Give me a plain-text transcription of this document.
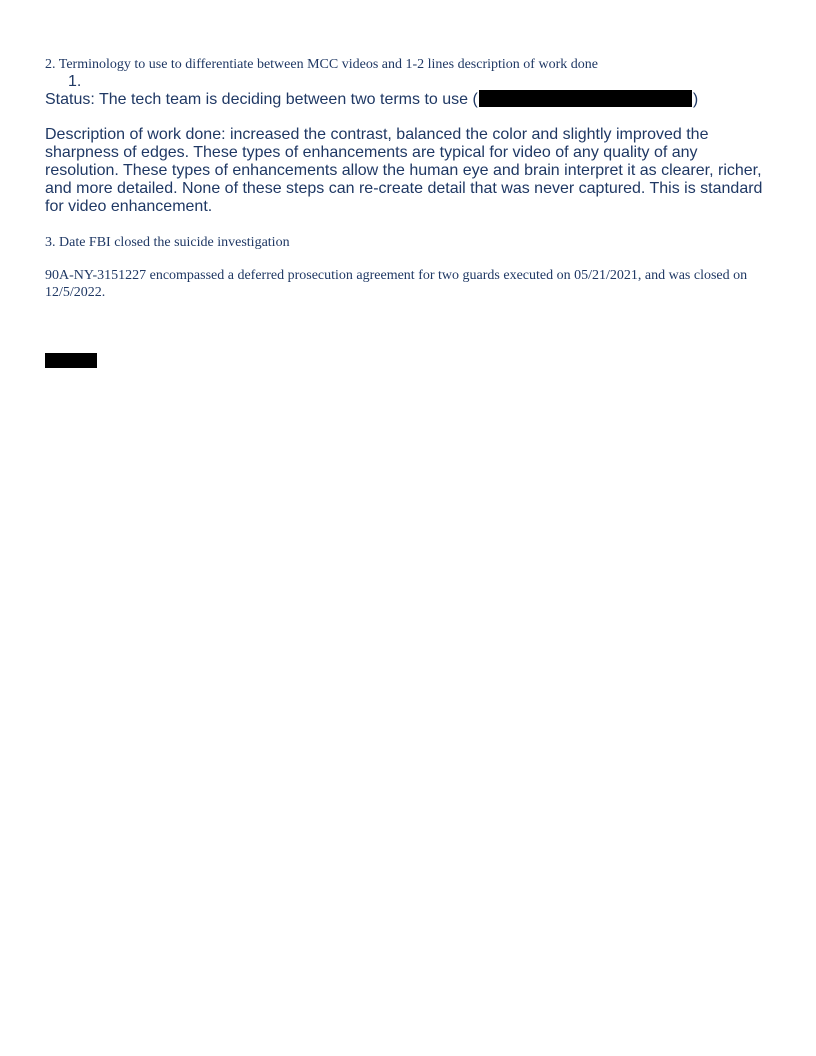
2. Terminology to use to differentiate between MCC videos and 1-2 lines description of work done
1.
Status: The tech team is deciding between two terms to use (	)

Description of work done: increased the contrast, balanced the color and slightly improved the sharpness of edges. These types of enhancements are typical for video of any quality of any resolution. These types of enhancements allow the human eye and brain interpret it as clearer, richer, and more detailed. None of these steps can re-create detail that was never captured. This is standard for video enhancement.

3. Date FBI closed the suicide investigation

90A-NY-3151227 encompassed a deferred prosecution agreement for two guards executed on 05/21/2021, and was closed on 12/5/2022.
